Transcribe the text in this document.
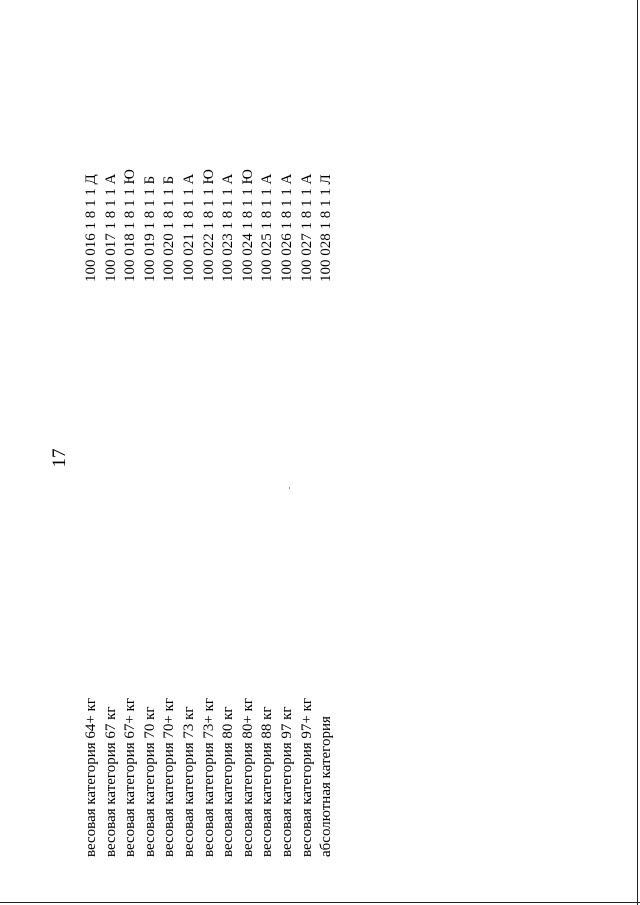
17
весовая категория 64+ кг весовая категория 67 кг весовая категория 67+ кг весовая категория 70 кг весовая категория 70+ кг весовая категория 73 кг весовая категория 73+ кг весовая категория 80 кг весовая категория 80+ кг весовая категория 88 кг весовая категория 97 кг весовая категория 97+ кг абсолютная категория
100 016 1 8 1 1 Д 100 017 1 8 1 1 А 100 018 1 8 1 1 Ю 100 019 1 8 1 1 Б 100 020 1 8 1 1 Б 100 021 1 8 1 1 А 100 022 1 8 1 1 Ю 100 023 1 8 1 1 А 100 024 1 8 1 1 Ю 100 025 1 8 1 1 А 100 026 1 8 1 1 А 100 027 1 8 1 1 А 100 028 1 8 1 1 Л
